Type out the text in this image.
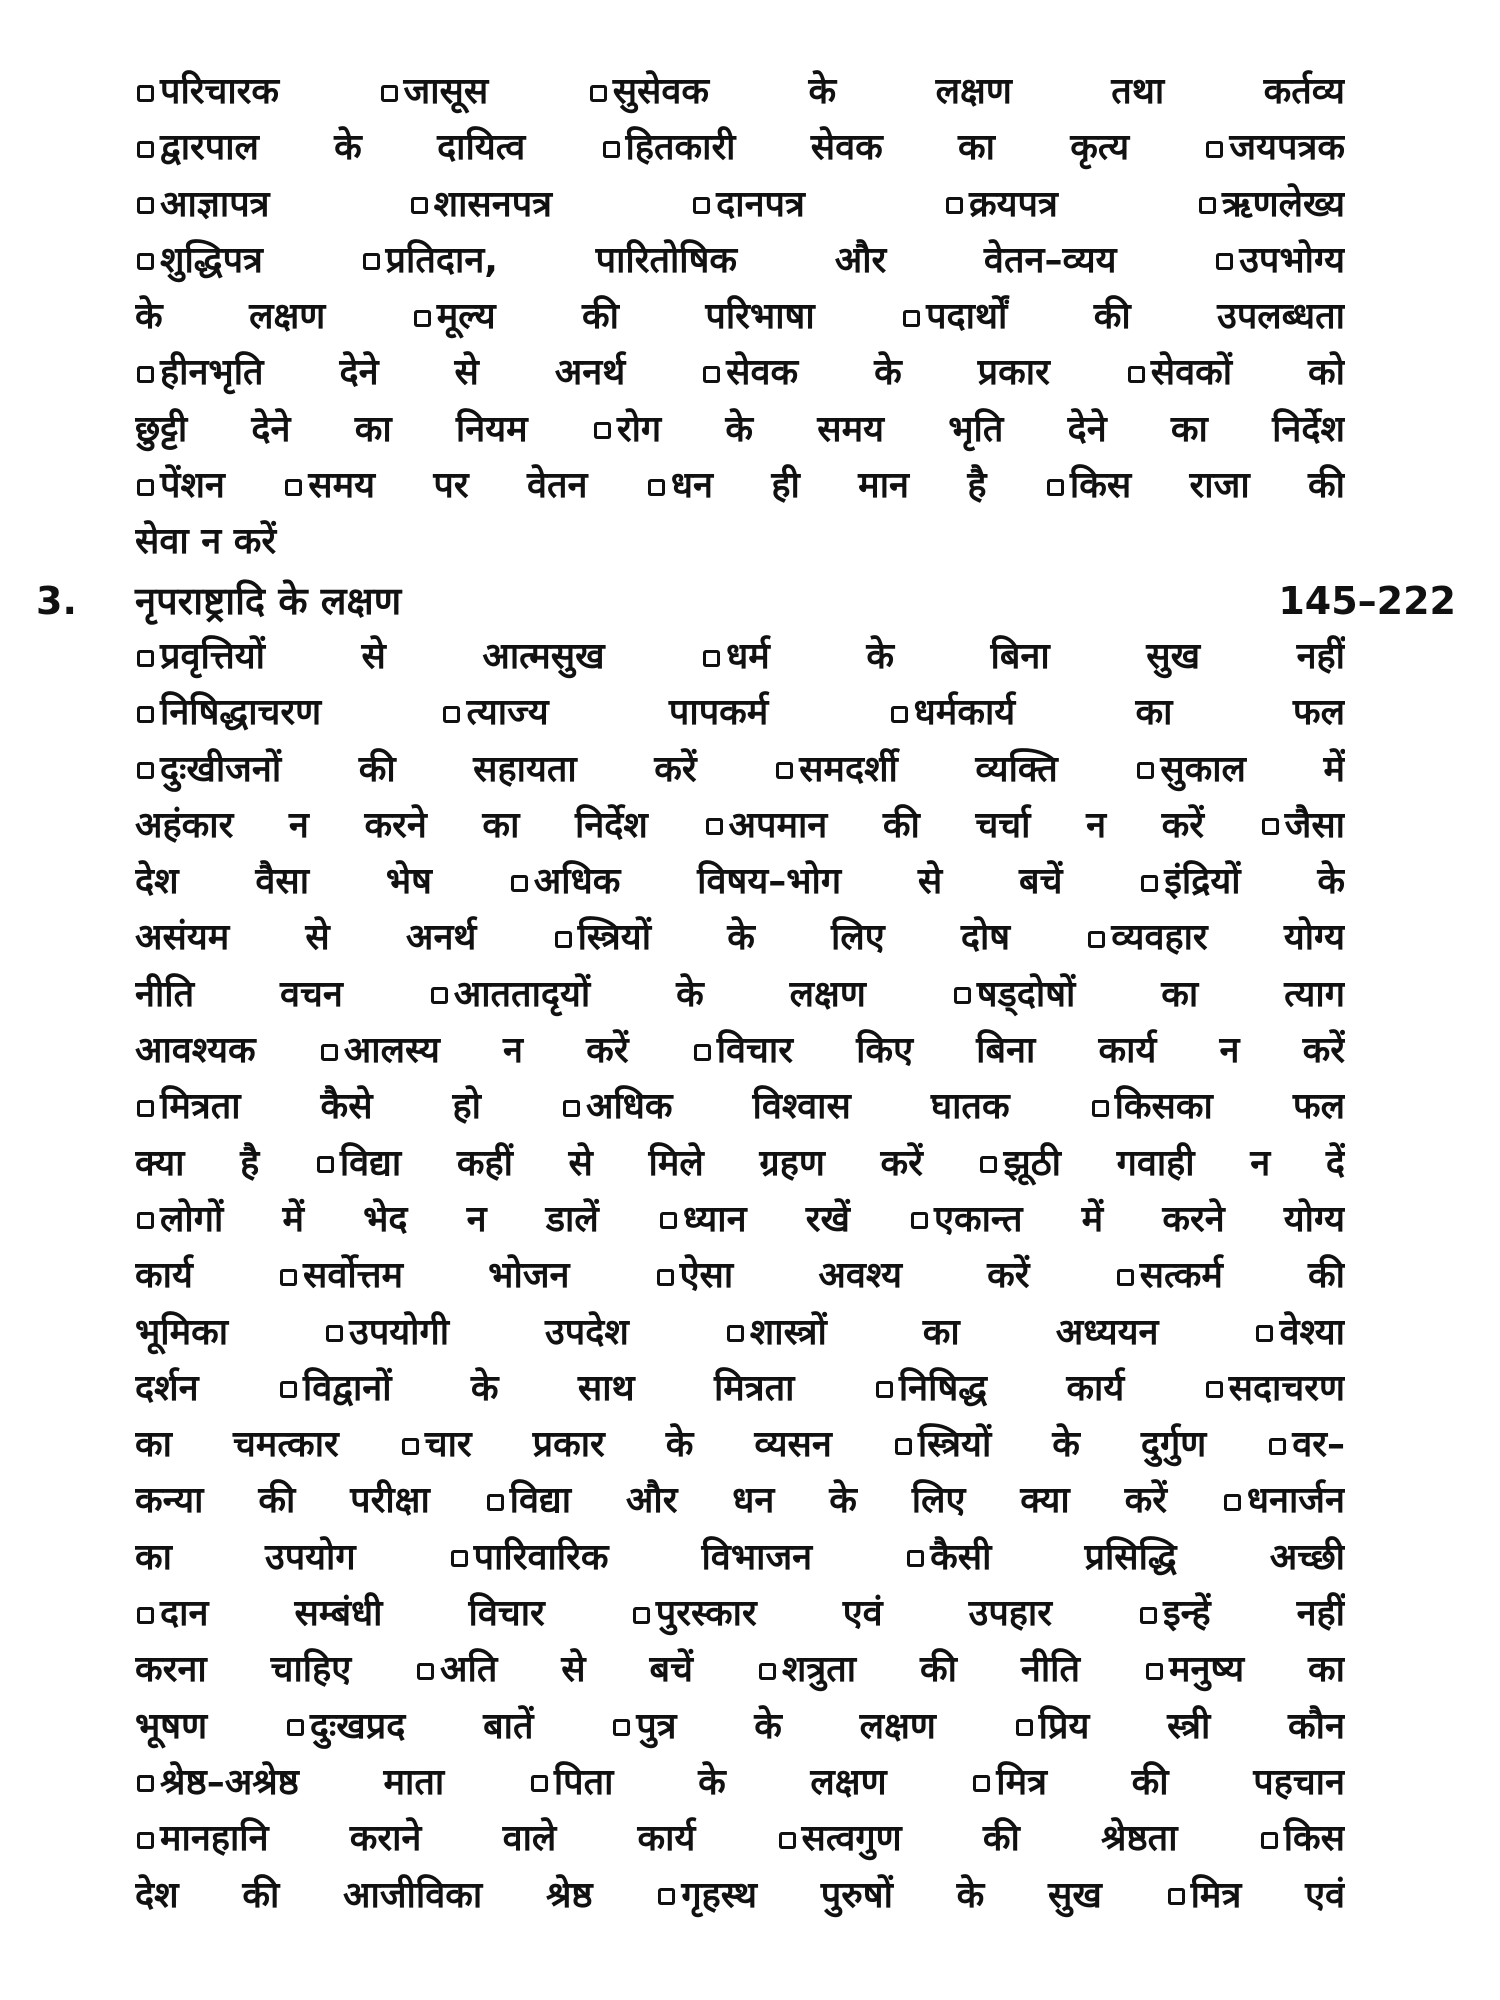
परिचारक जासूस सुसेवक के लक्षण तथा कर्तव्य
द्वारपाल के दायित्व हितकारी सेवक का कृत्य जयपत्रक
आज्ञापत्र शासनपत्र दानपत्र क्रयपत्र ऋणलेख्य
शुद्धिपत्र प्रतिदान, पारितोषिक और वेतन–व्यय उपभोग्य
के लक्षण मूल्य की परिभाषा पदार्थों की उपलब्धता
हीनभृति देने से अनर्थ सेवक के प्रकार सेवकों को
छुट्टी देने का नियम रोग के समय भृति देने का निर्देश
पेंशन समय पर वेतन धन ही मान है किस राजा की
सेवा न करें
3. नृपराष्ट्रादि के लक्षण	145–222
प्रवृत्तियों से आत्मसुख धर्म के बिना सुख नहीं
निषिद्धाचरण त्याज्य पापकर्म धर्मकार्य का फल
दुःखीजनों की सहायता करें समदर्शी व्यक्ति सुकाल में
अहंकार न करने का निर्देश अपमान की चर्चा न करें जैसा
देश वैसा भेष अधिक विषय–भोग से बचें इंद्रियों के
असंयम से अनर्थ स्त्रियों के लिए दोष व्यवहार योग्य
नीति वचन आततादृयों के लक्षण षड्दोषों का त्याग
आवश्यक आलस्य न करें विचार किए बिना कार्य न करें
मित्रता कैसे हो अधिक विश्वास घातक किसका फल
क्या है विद्या कहीं से मिले ग्रहण करें झूठी गवाही न दें
लोगों में भेद न डालें ध्यान रखें एकान्त में करने योग्य
कार्य सर्वोत्तम भोजन ऐसा अवश्य करें सत्कर्म की
भूमिका उपयोगी उपदेश शास्त्रों का अध्ययन वेश्या
दर्शन विद्वानों के साथ मित्रता निषिद्ध कार्य सदाचरण
का चमत्कार चार प्रकार के व्यसन स्त्रियों के दुर्गुण वर–
कन्या की परीक्षा विद्या और धन के लिए क्या करें धनार्जन
का उपयोग पारिवारिक विभाजन कैसी प्रसिद्धि अच्छी
दान सम्बंधी विचार पुरस्कार एवं उपहार इन्हें नहीं
करना चाहिए अति से बचें शत्रुता की नीति मनुष्य का
भूषण दुःखप्रद बातें पुत्र के लक्षण प्रिय स्त्री कौन
श्रेष्ठ–अश्रेष्ठ माता पिता के लक्षण मित्र की पहचान
मानहानि कराने वाले कार्य सत्वगुण की श्रेष्ठता किस
देश की आजीविका श्रेष्ठ गृहस्थ पुरुषों के सुख मित्र एवं
